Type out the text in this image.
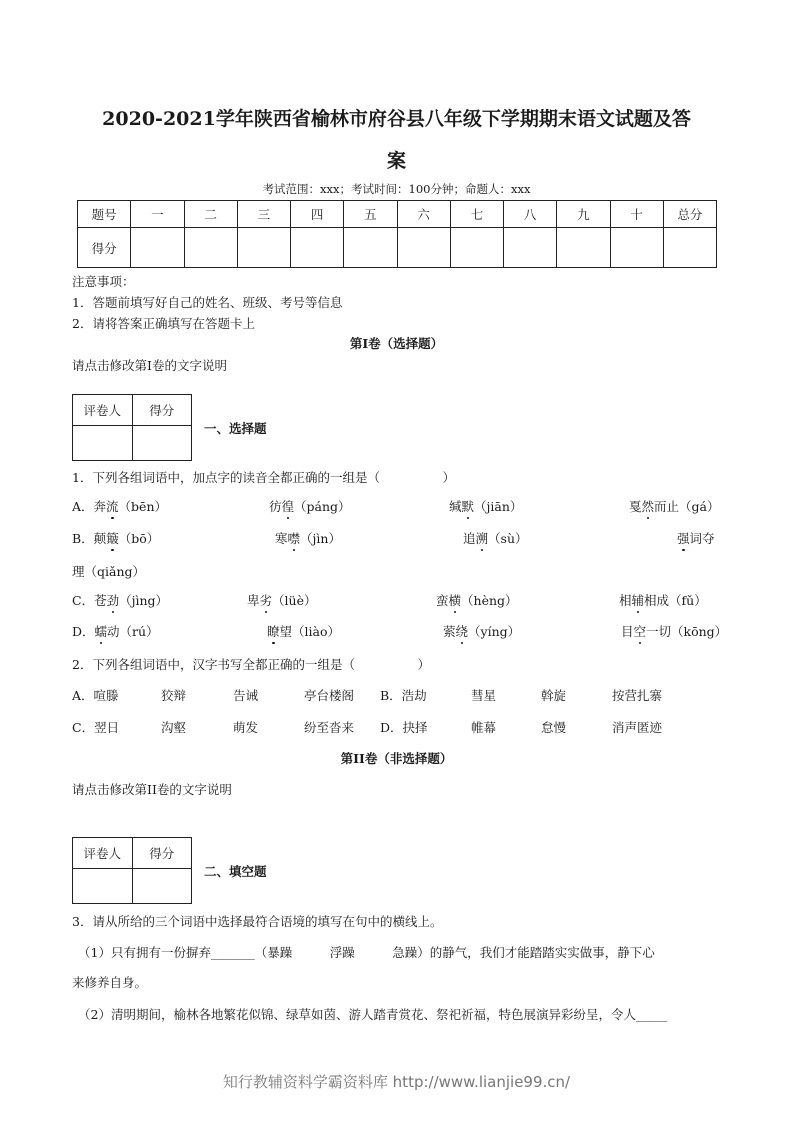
2020-2021学年陕西省榆林市府谷县八年级下学期期末语文试题及答
案
考试范围：xxx；考试时间：100分钟；命题人：xxx
题号	一	二	三	四	五	六	七	八	九	十	总分
得分											
注意事项：
1．答题前填写好自己的姓名、班级、考号等信息
2．请将答案正确填写在答题卡上
第I卷（选择题）
请点击修改第I卷的文字说明
评卷人	得分

一、选择题
1．下列各组词语中，加点字的读音全都正确的一组是（　　　　　）
A．奔流（bēn）	彷徨（páng）	缄默（jiān）	戛然而止（gá）
B．颠簸（bō）	寒噤（jìn）	追溯（sù）	强词夺
理（qiǎng）
C．苍劲（jìng）	卑劣（lüè）	蛮横（hèng）	相辅相成（fǔ）
D．蠕动（rú）	瞭望（liào）	萦绕（yíng）	目空一切（kōng）
2．下列各组词语中，汉字书写全都正确的一组是（　　　　　）
A．喧滕	狡辩	告诫	亭台楼阁 B．浩劫	彗星	斡旋	按营扎寨
C．翌日	沟壑	萌发	纷至沓来 D．抉择	帷幕	怠慢	消声匿迹
第II卷（非选择题）
请点击修改第II卷的文字说明
评卷人	得分

二、填空题
3．请从所给的三个词语中选择最符合语境的填写在句中的横线上。
（1）只有拥有一份摒弃_______（暴躁　　　浮躁　　　急躁）的静气，我们才能踏踏实实做事，静下心
来修养自身。
（2）清明期间，榆林各地繁花似锦、绿草如茵、游人踏青赏花、祭祀祈福，特色展演异彩纷呈，令人_____
知行教辅资料学霸资料库 http://www.lianjie99.cn/
